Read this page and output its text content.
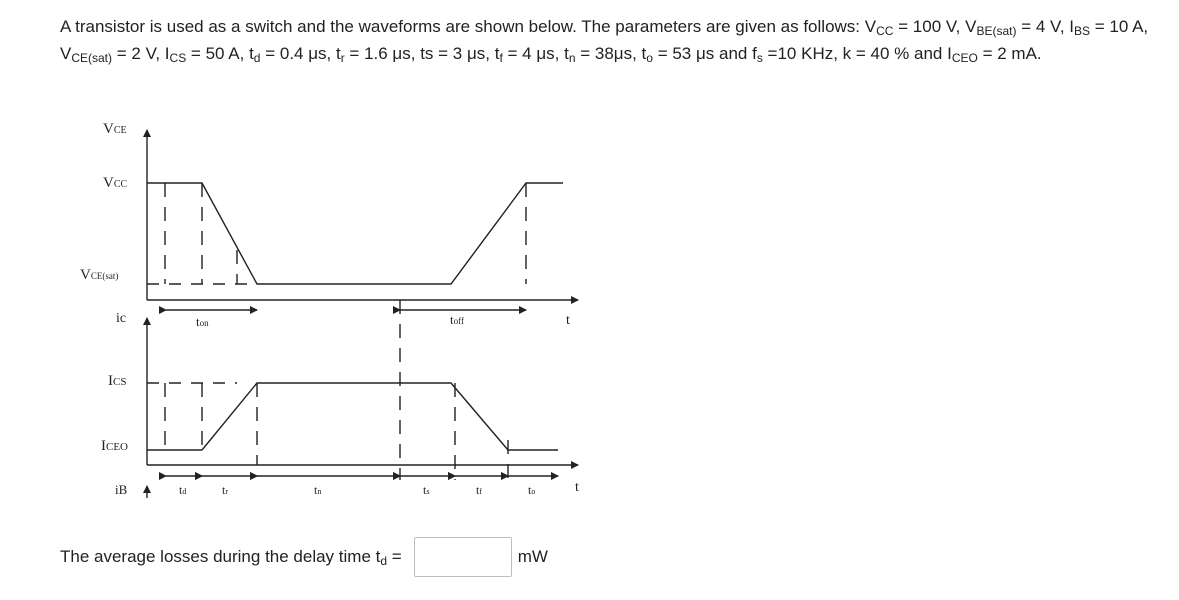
A transistor is used as a switch and the waveforms are shown below. The parameters are given as follows: $V_{CC} = 100$ V, $V_{BE(sat)} = 4$ V, $I_{BS} = 10$ A, $V_{CE(sat)} = 2$ V, $I_{CS} = 50$ A, $t_d = 0.4$ μs, $t_r = 1.6$ μs, ts = 3 μs, $t_f = 4$ μs, $t_n = 38\mu s$, $t_o = 53$ μs and $f_s =10$ KHz, k = 40 % and $I_{CEO} = 2$ mA.
VCE
VCC
VCE(sat)
ic
ICS
ICEO
iB
t
t
ton	toff
td	tr	tn	ts	tf	to
The average losses during the delay time $t_d$ =	mW
